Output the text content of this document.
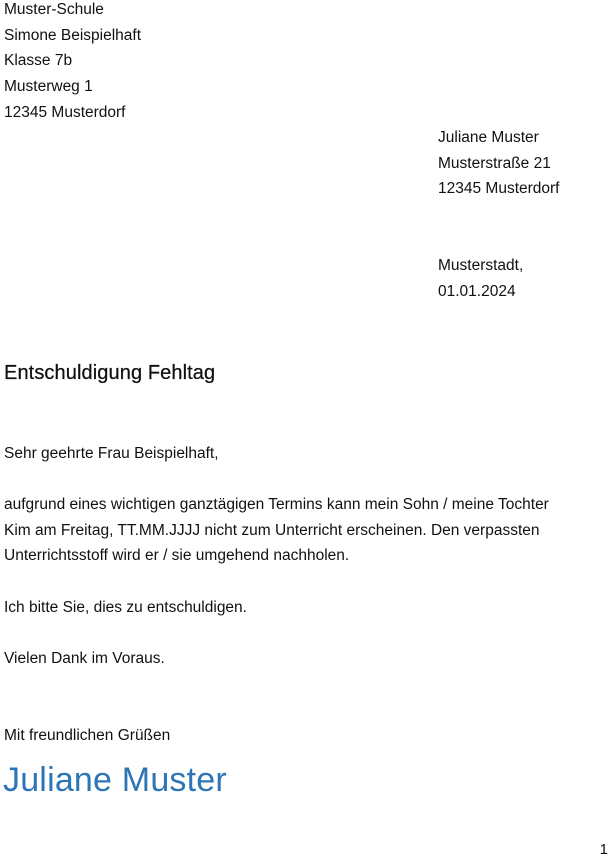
Muster-Schule
Simone Beispielhaft
Klasse 7b
Musterweg 1
12345 Musterdorf
Juliane Muster
Musterstraße 21
12345 Musterdorf
Musterstadt,
01.01.2024
Entschuldigung Fehltag
Sehr geehrte Frau Beispielhaft,
aufgrund eines wichtigen ganztägigen Termins kann mein Sohn / meine Tochter
Kim am Freitag, TT.MM.JJJJ nicht zum Unterricht erscheinen. Den verpassten
Unterrichtsstoff wird er / sie umgehend nachholen.
Ich bitte Sie, dies zu entschuldigen.
Vielen Dank im Voraus.
Mit freundlichen Grüßen
Juliane Muster
1
